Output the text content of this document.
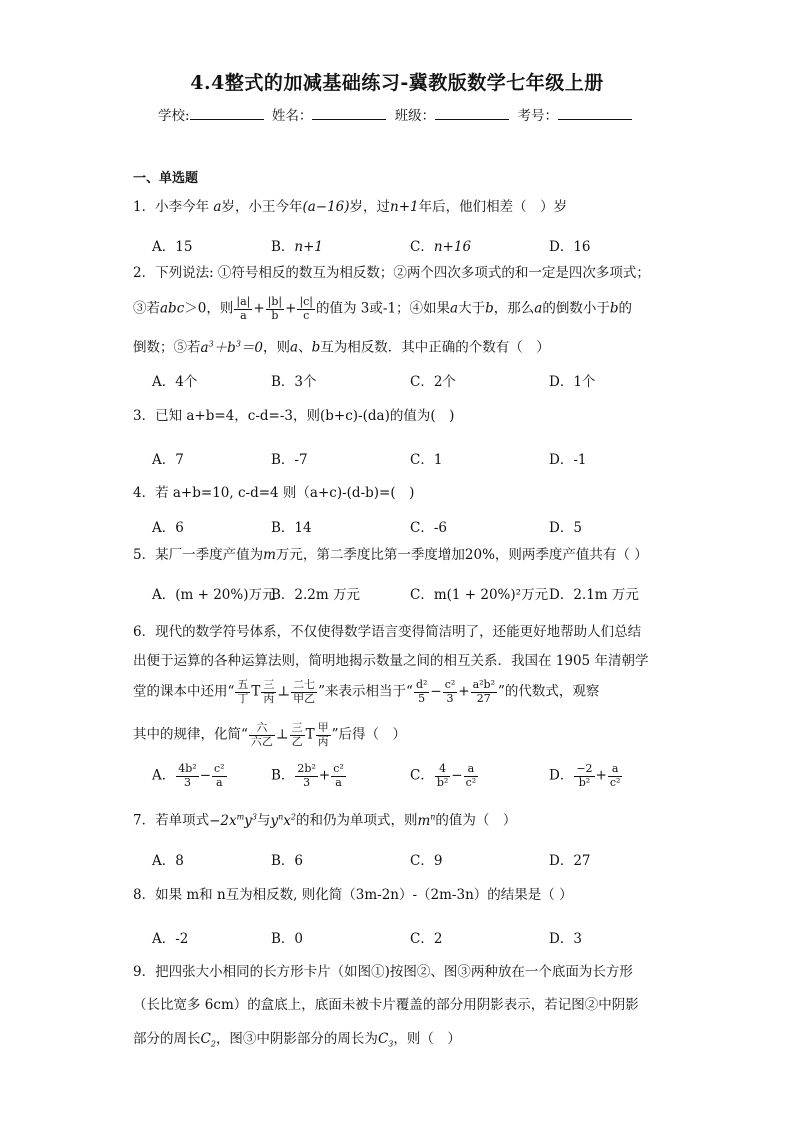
4.4整式的加减基础练习-冀教版数学七年级上册
学校:	姓名：	班级：	考号：
一、单选题
1．小李今年 a岁，小王今年(a−16)岁，过n+1年后，他们相差（　）岁
A．15	B．n+1	C．n+16	D．16
2．下列说法: ①符号相反的数互为相反数；②两个四次多项式的和一定是四次多项式；
③若abc＞0，则 $\frac{|a|}{a} + \frac{|b|}{b} + \frac{|c|}{c}$ 的值为 3或-1；④如果a大于b，那么a的倒数小于b的
倒数；⑤若$a^3+b^3=0$，则a、b互为相反数．其中正确的个数有（　）
A．4个	B．3个	C．2个	D．1个
3．已知 a+b=4，c-d=-3，则(b+c)-(da)的值为(　)
A．7	B．-7	C．1	D．-1
4．若 a+b=10, c-d=4 则（a+c)-(d-b)=(　)
A．6	B．14	C．-6	D．5
5．某厂一季度产值为m万元，第二季度比第一季度增加20%，则两季度产值共有（ ）
A．(m + 20%)万元
B．2.2m 万元	C．m(1 + 20%)²万元 D．2.1m 万元
6．现代的数学符号体系，不仅使得数学语言变得简洁明了，还能更好地帮助人们总结
出便于运算的各种运算法则，简明地揭示数量之间的相互关系．我国在 1905 年清朝学
堂的课本中还用“ $\frac{\text{五}}{\text{丁}}$ T $\frac{\text{三}}{\text{丙}}$ ⊥ $\frac{\text{二七}}{\text{甲乙}}$ ”来表示相当于“ $\frac{\text{d²}}{5} - \frac{\text{c²}}{3} + \frac{\text{a²b²}}{27}$ ”的代数式，观察
其中的规律，化简“ $\frac{\text{六}}{\text{六乙}}$ ⊥ $\frac{\text{三}}{\text{乙}}$ T $\frac{\text{甲}}{\text{丙}}$ ”后得（　）
A． $\frac{\text{4b²}}{3} - \frac{\text{c²}}{a}$	B． $\frac{\text{2b²}}{3} + \frac{\text{c²}}{a}$	C． $\frac{4}{\text{b²}} - \frac{a}{\text{c²}}$	D． $\frac{-2}{\text{b²}} + \frac{a}{\text{c²}}$
7．若单项式$-2x^my^3$与$y^nx^2$的和仍为单项式，则$m^n$的值为（　）
A．8	B．6	C．9	D．27
8．如果 m和 n互为相反数, 则化简（3m-2n）-（2m-3n）的结果是（ ）
A．-2	B．0	C．2	D．3
9．把四张大小相同的长方形卡片（如图①)按图②、图③两种放在一个底面为长方形
（长比宽多 6cm）的盒底上，底面未被卡片覆盖的部分用阴影表示，若记图②中阴影
部分的周长$C_2$，图③中阴影部分的周长为$C_3$，则（　）
